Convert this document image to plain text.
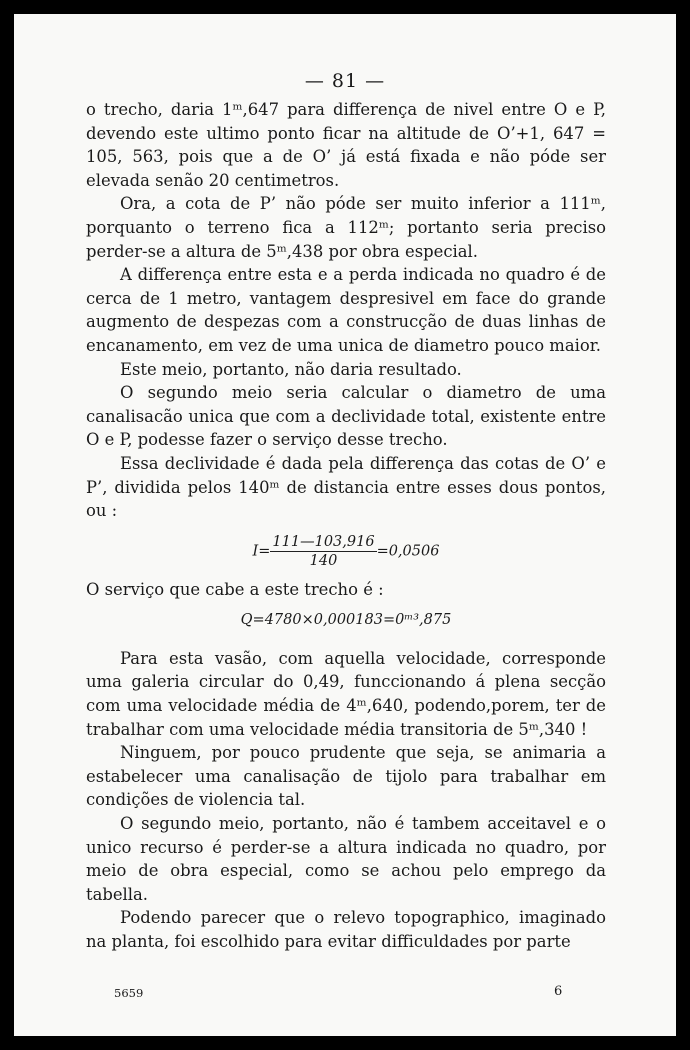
— 81 —

o trecho, daria 1ᵐ,647 para differença de nivel entre O e P, devendo este ultimo ponto ficar na altitude de O’+1, 647 = 105, 563, pois que a de O’ já está fixada e não póde ser elevada senão 20 centimetros.

Ora, a cota de P’ não póde ser muito inferior a 111ᵐ, porquanto o terreno fica a 112ᵐ; portanto seria preciso perder-se a altura de 5ᵐ,438 por obra especial.

A differença entre esta e a perda indicada no quadro é de cerca de 1 metro, vantagem despresivel em face do grande augmento de despezas com a construcção de duas linhas de encanamento, em vez de uma unica de diametro pouco maior.

Este meio, portanto, não daria resultado.

O segundo meio seria calcular o diametro de uma canalisacão unica que com a declividade total, existente entre O e P, podesse fazer o serviço desse trecho.

Essa declividade é dada pela differença das cotas de O’ e P’, dividida pelos 140ᵐ de distancia entre esses dous pontos, ou :

$I= \frac{111—103,916}{140} =0,0506$

O serviço que cabe a este trecho é :

Q=4780×0,000183=0ᵐ³,875

Para esta vasão, com aquella velocidade, corresponde uma galeria circular do 0,49, funccionando á plena secção com uma velocidade média de 4ᵐ,640, podendo,porem, ter de trabalhar com uma velocidade média transitoria de 5ᵐ,340 !

Ninguem, por pouco prudente que seja, se animaria a estabelecer uma canalisação de tijolo para trabalhar em condições de violencia tal.

O segundo meio, portanto, não é tambem acceitavel e o unico recurso é perder-se a altura indicada no quadro, por meio de obra especial, como se achou pelo emprego da tabella.

Podendo parecer que o relevo topographico, imaginado na planta, foi escolhido para evitar difficuldades por parte

5659	6
